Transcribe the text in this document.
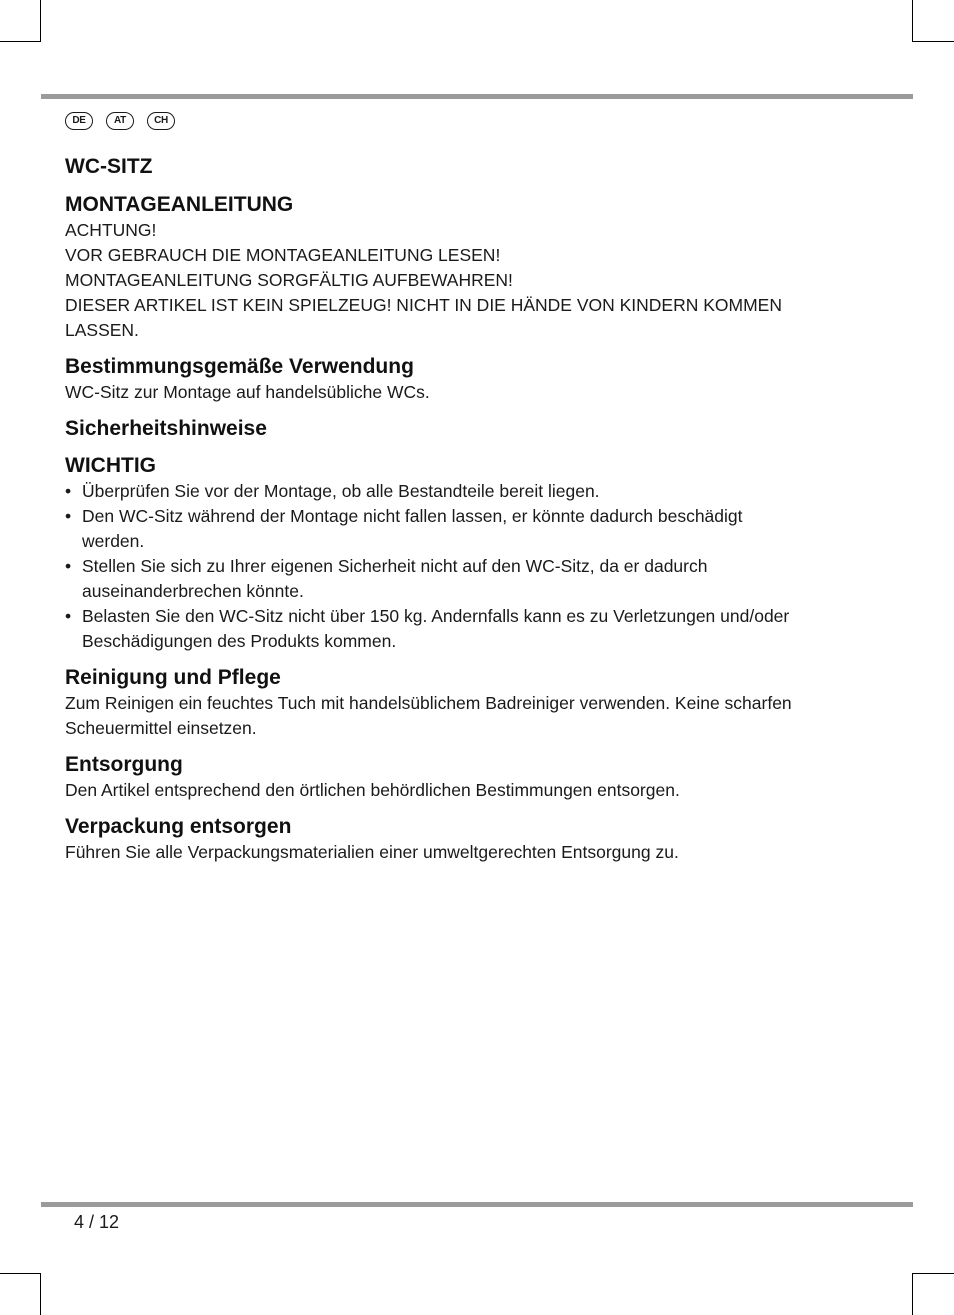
DE	AT	CH
WC-SITZ
MONTAGEANLEITUNG

ACHTUNG!

VOR GEBRAUCH DIE MONTAGEANLEITUNG LESEN!

MONTAGEANLEITUNG SORGFÄLTIG AUFBEWAHREN!

DIESER ARTIKEL IST KEIN SPIELZEUG! NICHT IN DIE HÄNDE VON KINDERN KOMMEN LASSEN.

Bestimmungsgemäße Verwendung

WC-Sitz zur Montage auf handelsübliche WCs.

Sicherheitshinweise
WICHTIG
• Überprüfen Sie vor der Montage, ob alle Bestandteile bereit liegen.
• Den WC-Sitz während der Montage nicht fallen lassen, er könnte dadurch beschädigt werden.
• Stellen Sie sich zu Ihrer eigenen Sicherheit nicht auf den WC-Sitz, da er dadurch auseinanderbrechen könnte.
• Belasten Sie den WC-Sitz nicht über 150 kg. Andernfalls kann es zu Verletzungen und/oder Beschädigungen des Produkts kommen.
Reinigung und Pflege

Zum Reinigen ein feuchtes Tuch mit handelsüblichem Badreiniger verwenden. Keine scharfen Scheuermittel einsetzen.

Entsorgung

Den Artikel entsprechend den örtlichen behördlichen Bestimmungen entsorgen.

Verpackung entsorgen

Führen Sie alle Verpackungsmaterialien einer umweltgerechten Entsorgung zu.

4 / 12
